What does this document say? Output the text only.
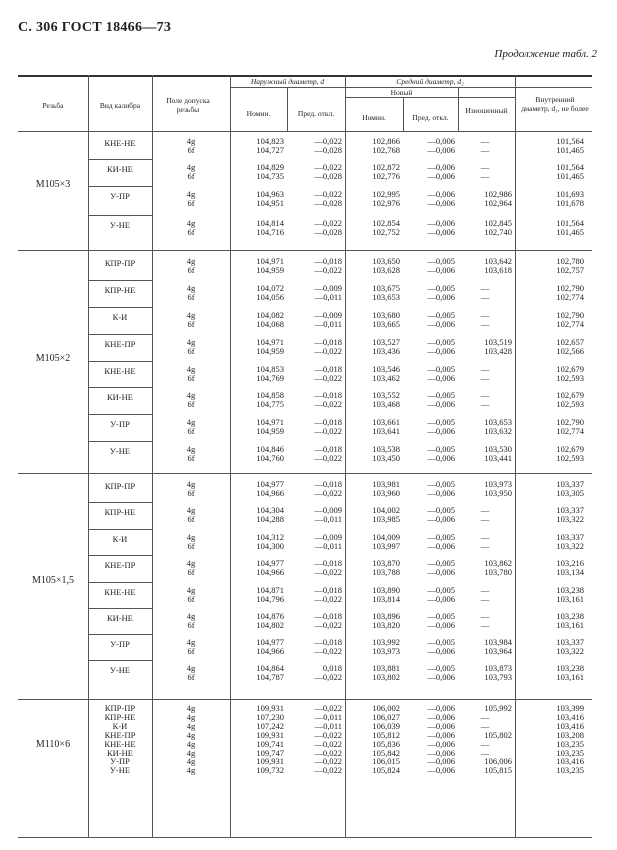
С. 306 ГОСТ 18466—73
Продолжение табл. 2
Резьба	Вид калибра
Поле допуска резьбы
Наружный диаметр, d
Номин.	Пред. откл.
Средний диаметр, d₂
Новый
Номин.	Пред. откл.
Изношенный
Внутренний диаметр, d₁, не более
M105×3
КНЕ-НЕ	4g	104,823	—0,022	102,866	—0,006	—	101,564
6f	104,727	—0,028	102,768	—0,006	—	101,465
КИ-НЕ	4g	104,829	—0,022	102,872	—0,006	—	101,564
6f	104,735	—0,028	102,776	—0,006	—	101,465
У-ПР	4g	104,963	—0,022	102,995	—0,006	102,986	101,693
6f	104,951	—0,028	102,976	—0,006	102,964	101,678
У-НЕ	4g	104,814	—0,022	102,854	—0,006	102,845	101,564
6f	104,716	—0,028	102,752	—0,006	102,740	101,465
M105×2
КПР-ПР	4g	104,971	—0,018	103,650	—0,005	103,642	102,780
6f	104,959	—0,022	103,628	—0,006	103,618	102,757
КПР-НЕ	4g	104,072	—0,009	103,675	—0,005	—	102,790
6f	104,056	—0,011	103,653	—0,006	—	102,774
К-И	4g	104,082	—0,009	103,680	—0,005	—	102,790
6f	104,068	—0,011	103,665	—0,006	—	102,774
КНЕ-ПР	4g	104,971	—0,018	103,527	—0,005	103,519	102,657
6f	104,959	—0,022	103,436	—0,006	103,428	102,566
КНЕ-НЕ	4g	104,853	—0,018	103,546	—0,005	—	102,679
6f	104,769	—0,022	103,462	—0,006	—	102,593
КИ-НЕ	4g	104,858	—0,018	103,552	—0,005	—	102,679
6f	104,775	—0,022	103,468	—0,006	—	102,593
У-ПР	4g	104,971	—0,018	103,661	—0,005	103,653	102,790
6f	104,959	—0,022	103,641	—0,006	103,632	102,774
У-НЕ	4g	104,846	—0,018	103,538	—0,005	103,530	102,679
6f	104,760	—0,022	103,450	—0,006	103,441	102,593
M105×1,5
КПР-ПР	4g	104,977	—0,018	103,981	—0,005	103,973	103,337
6f	104,966	—0,022	103,960	—0,006	103,950	103,305
КПР-НЕ	4g	104,304	—0,009	104,002	—0,005	—	103,337
6f	104,288	—0,011	103,985	—0,006	—	103,322
К-И	4g	104,312	—0,009	104,009	—0,005	—	103,337
6f	104,300	—0,011	103,997	—0,006	—	103,322
КНЕ-ПР	4g	104,977	—0,018	103,870	—0,005	103,862	103,216
6f	104,966	—0,022	103,788	—0,006	103,780	103,134
КНЕ-НЕ	4g	104,871	—0,018	103,890	—0,005	—	103,238
6f	104,796	—0,022	103,814	—0,006	—	103,161
КИ-НЕ	4g	104,876	—0,018	103,896	—0,005	—	103,238
6f	104,802	—0,022	103,820	—0,006	—	103,161
У-ПР	4g	104,977	—0,018	103,992	—0,005	103,984	103,337
6f	104,966	—0,022	103,973	—0,006	103,964	103,322
У-НЕ	4g	104,864	0,018	103,881	—0,005	103,873	103,238
6f	104,787	—0,022	103,802	—0,006	103,793	103,161
M110×6
КПР-ПР	4g	109,931	—0,022	106,002	—0,006	105,992	103,399
КПР-НЕ	4g	107,230	—0,011	106,027	—0,006	—	103,416
К-И	4g	107,242	—0,011	106,039	—0,006	—	103,416
КНЕ-ПР	4g	109,931	—0,022	105,812	—0,006	105,802	103,208
КНЕ-НЕ	4g	109,741	—0,022	105,836	—0,006	—	103,235
КИ-НЕ	4g	109,747	—0,022	105,842	—0,006	—	103,235
У-ПР	4g	109,931	—0,022	106,015	—0,006	106,006	103,416
У-НЕ	4g	109,732	—0,022	105,824	—0,006	105,815	103,235
